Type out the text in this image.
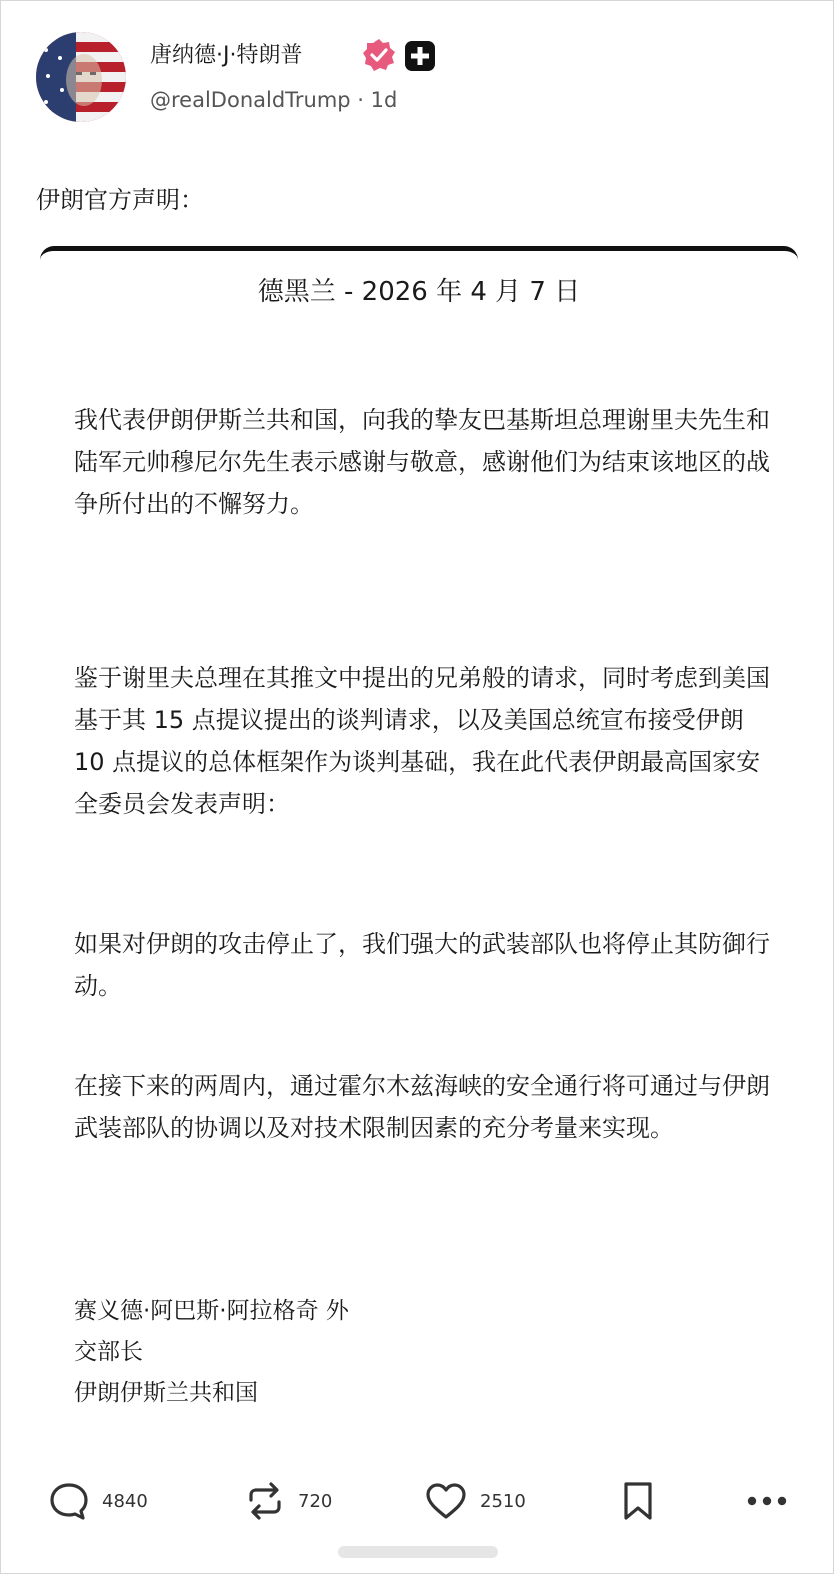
唐纳德·J·特朗普
@realDonaldTrump · 1d
伊朗官方声明：
德黑兰 - 2026 年 4 月 7 日

我代表伊朗伊斯兰共和国，向我的挚友巴基斯坦总理谢里夫先生和陆军元帅穆尼尔先生表示感谢与敬意，感谢他们为结束该地区的战争所付出的不懈努力。

鉴于谢里夫总理在其推文中提出的兄弟般的请求，同时考虑到美国基于其 15 点提议提出的谈判请求，以及美国总统宣布接受伊朗 10 点提议的总体框架作为谈判基础，我在此代表伊朗最高国家安全委员会发表声明：

如果对伊朗的攻击停止了，我们强大的武装部队也将停止其防御行动。

在接下来的两周内，通过霍尔木兹海峡的安全通行将可通过与伊朗武装部队的协调以及对技术限制因素的充分考量来实现。

赛义德·阿巴斯·阿拉格奇 外
交部长
伊朗伊斯兰共和国
4840	720	2510
